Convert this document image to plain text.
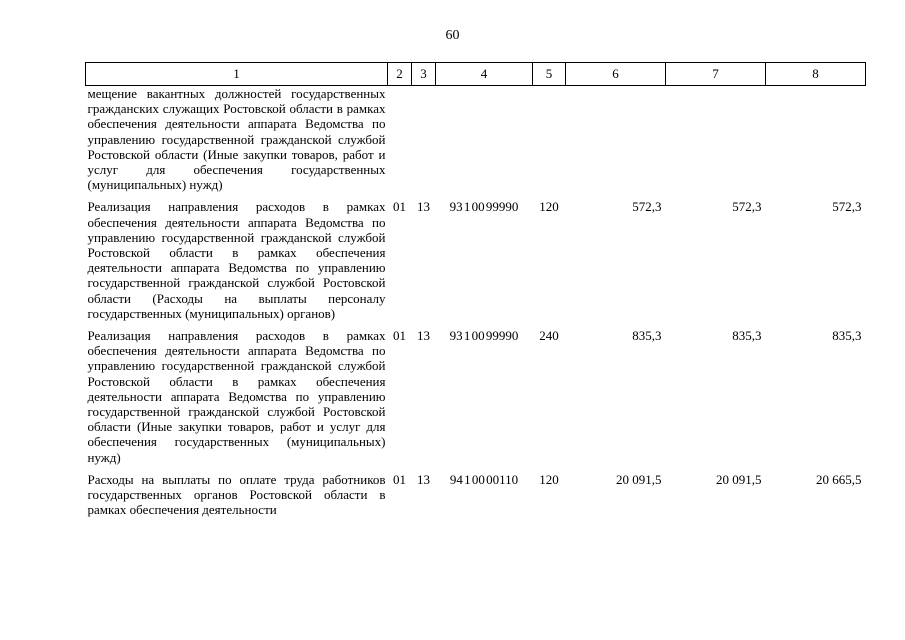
60
1	2	3	4	5	6	7	8
мещение вакантных должностей государственных гражданских служащих Ростовской области в рамках обеспечения деятельности аппарата Ведомства по управлению государственной гражданской службой Ростовской области (Иные закупки товаров, работ и услуг для обеспечения государственных (муниципальных) нужд)							
Реализация направления расходов в рамках обеспечения деятельности аппарата Ведомства по управлению государственной гражданской службой Ростовской области в рамках обеспечения деятельности аппарата Ведомства по управлению государственной гражданской службой Ростовской области (Расходы на выплаты персоналу государственных (муниципальных) органов)	01	13	93 1 00 99990	120	572,3	572,3	572,3
Реализация направления расходов в рамках обеспечения деятельности аппарата Ведомства по управлению государственной гражданской службой Ростовской области в рамках обеспечения деятельности аппарата Ведомства по управлению государственной гражданской службой Ростовской области (Иные закупки товаров, работ и услуг для обеспечения государственных (муниципальных) нужд)	01	13	93 1 00 99990	240	835,3	835,3	835,3
Расходы на выплаты по оплате труда работников государственных органов Ростовской области в рамках обеспечения деятельности	01	13	94 1 00 00110	120	20 091,5	20 091,5	20 665,5
